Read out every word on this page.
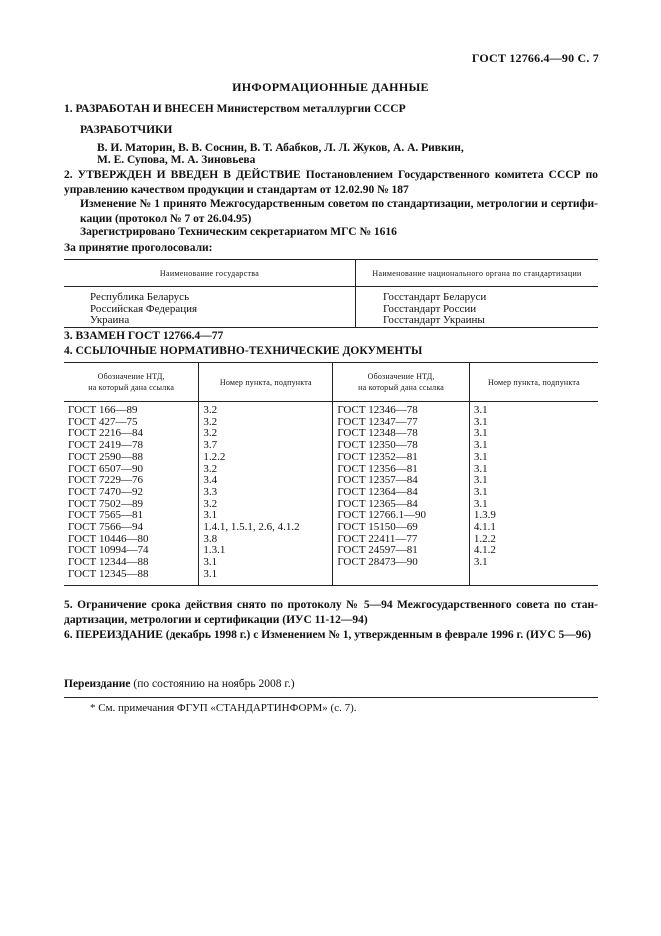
ГОСТ 12766.4—90 С. 7
ИНФОРМАЦИОННЫЕ ДАННЫЕ
1. РАЗРАБОТАН И ВНЕСЕН Министерством металлургии СССР
РАЗРАБОТЧИКИ
В. И. Маторин, В. В. Соснин, В. Т. Абабков, Л. Л. Жуков, А. А. Ривкин,
М. Е. Супова, М. А. Зиновьева
2. УТВЕРЖДЕН И ВВЕДЕН В ДЕЙСТВИЕ Постановлением Государственного комитета СССР по управлению качеством продукции и стандартам от 12.02.90 № 187
Изменение № 1 принято Межгосударственным советом по стандартизации, метрологии и сертификации (протокол № 7 от 26.04.95)
Зарегистрировано Техническим секретариатом МГС № 1616
За принятие проголосовали:
Наименование государства	Наименование национального органа по стандартизации
Республика Беларусь	Госстандарт Беларуси
Российская Федерация	Госстандарт России
Украина	Госстандарт Украины
3. ВЗАМЕН ГОСТ 12766.4—77
4. ССЫЛОЧНЫЕ НОРМАТИВНО-ТЕХНИЧЕСКИЕ ДОКУМЕНТЫ
Обозначение НТД,
на который дана ссылка	Номер пункта, подпункта	Обозначение НТД,
на который дана ссылка	Номер пункта, подпункта
ГОСТ 166—89	3.2	ГОСТ 12346—78	3.1
ГОСТ 427—75	3.2	ГОСТ 12347—77	3.1
ГОСТ 2216—84	3.2	ГОСТ 12348—78	3.1
ГОСТ 2419—78	3.7	ГОСТ 12350—78	3.1
ГОСТ 2590—88	1.2.2	ГОСТ 12352—81	3.1
ГОСТ 6507—90	3.2	ГОСТ 12356—81	3.1
ГОСТ 7229—76	3.4	ГОСТ 12357—84	3.1
ГОСТ 7470—92	3.3	ГОСТ 12364—84	3.1
ГОСТ 7502—89	3.2	ГОСТ 12365—84	3.1
ГОСТ 7565—81	3.1	ГОСТ 12766.1—90	1.3.9
ГОСТ 7566—94	1.4.1, 1.5.1, 2.6, 4.1.2	ГОСТ 15150—69	4.1.1
ГОСТ 10446—80	3.8	ГОСТ 22411—77	1.2.2
ГОСТ 10994—74	1.3.1	ГОСТ 24597—81	4.1.2
ГОСТ 12344—88	3.1	ГОСТ 28473—90	3.1
ГОСТ 12345—88	3.1		
5. Ограничение срока действия снято по протоколу № 5—94 Межгосударственного совета по стандартизации, метрологии и сертификации (ИУС 11-12—94)
6. ПЕРЕИЗДАНИЕ (декабрь 1998 г.) с Изменением № 1, утвержденным в феврале 1996 г. (ИУС 5—96)
Переиздание (по состоянию на ноябрь 2008 г.)
* См. примечания ФГУП «СТАНДАРТИНФОРМ» (с. 7).
